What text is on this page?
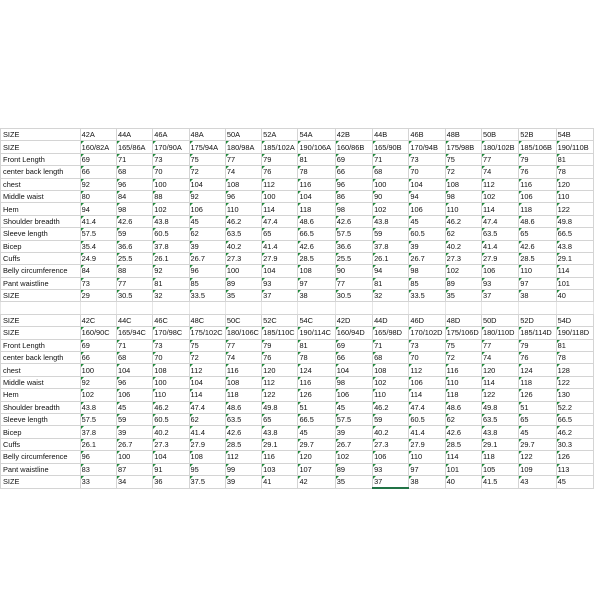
SIZE	42A	44A	46A	48A	50A	52A	54A	42B	44B	46B	48B	50B	52B	54B
SIZE	160/82A	165/86A	170/90A	175/94A	180/98A	185/102A	190/106A	160/86B	165/90B	170/94B	175/98B	180/102B	185/106B	190/110B
Front Length	69	71	73	75	77	79	81	69	71	73	75	77	79	81
center back length	66	68	70	72	74	76	78	66	68	70	72	74	76	78
chest	92	96	100	104	108	112	116	96	100	104	108	112	116	120
Middle waist	80	84	88	92	96	100	104	86	90	94	98	102	106	110
Hem	94	98	102	106	110	114	118	98	102	106	110	114	118	122
Shoulder breadth	41.4	42.6	43.8	45	46.2	47.4	48.6	42.6	43.8	45	46.2	47.4	48.6	49.8
Sleeve length	57.5	59	60.5	62	63.5	65	66.5	57.5	59	60.5	62	63.5	65	66.5
Bicep	35.4	36.6	37.8	39	40.2	41.4	42.6	36.6	37.8	39	40.2	41.4	42.6	43.8
Cuffs	24.9	25.5	26.1	26.7	27.3	27.9	28.5	25.5	26.1	26.7	27.3	27.9	28.5	29.1
Belly circumference	84	88	92	96	100	104	108	90	94	98	102	106	110	114
Pant waistline	73	77	81	85	89	93	97	77	81	85	89	93	97	101
SIZE	29	30.5	32	33.5	35	37	38	30.5	32	33.5	35	37	38	40

SIZE	42C	44C	46C	48C	50C	52C	54C	42D	44D	46D	48D	50D	52D	54D
SIZE	160/90C	165/94C	170/98C	175/102C	180/106C	185/110C	190/114C	160/94D	165/98D	170/102D	175/106D	180/110D	185/114D	190/118D
Front Length	69	71	73	75	77	79	81	69	71	73	75	77	79	81
center back length	66	68	70	72	74	76	78	66	68	70	72	74	76	78
chest	100	104	108	112	116	120	124	104	108	112	116	120	124	128
Middle waist	92	96	100	104	108	112	116	98	102	106	110	114	118	122
Hem	102	106	110	114	118	122	126	106	110	114	118	122	126	130
Shoulder breadth	43.8	45	46.2	47.4	48.6	49.8	51	45	46.2	47.4	48.6	49.8	51	52.2
Sleeve length	57.5	59	60.5	62	63.5	65	66.5	57.5	59	60.5	62	63.5	65	66.5
Bicep	37.8	39	40.2	41.4	42.6	43.8	45	39	40.2	41.4	42.6	43.8	45	46.2
Cuffs	26.1	26.7	27.3	27.9	28.5	29.1	29.7	26.7	27.3	27.9	28.5	29.1	29.7	30.3
Belly circumference	96	100	104	108	112	116	120	102	106	110	114	118	122	126
Pant waistline	83	87	91	95	99	103	107	89	93	97	101	105	109	113
SIZE	33	34	36	37.5	39	41	42	35	37	38	40	41.5	43	45
